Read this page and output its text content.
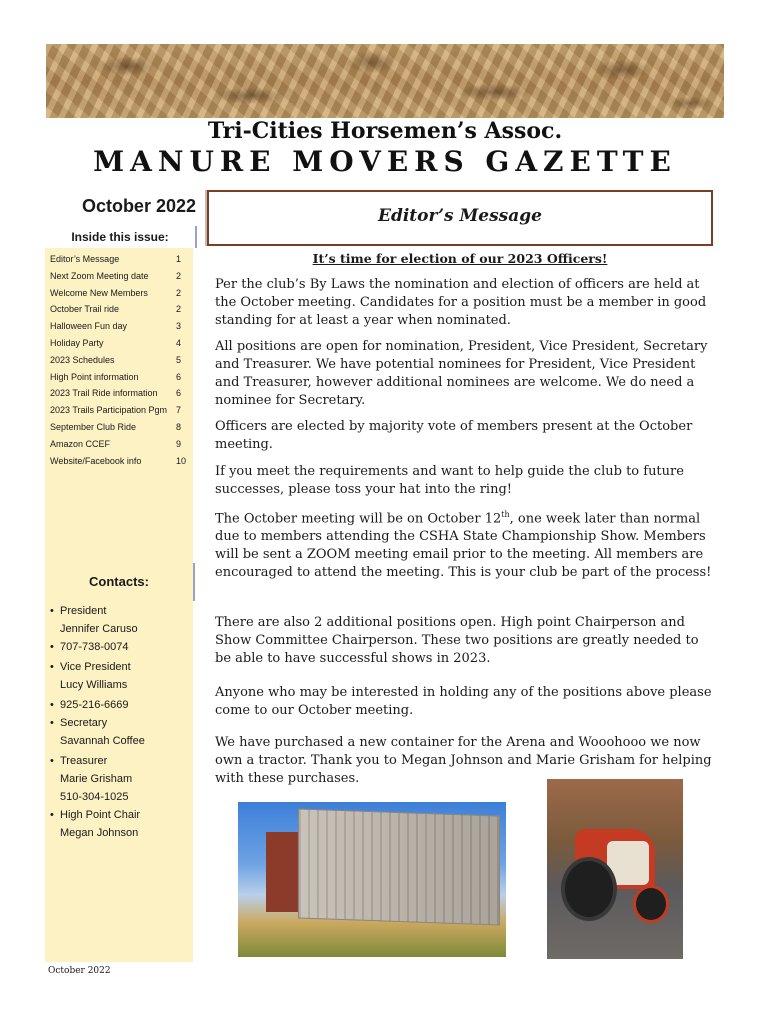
Tri-Cities Horsemen’s Assoc.
MANURE MOVERS GAZETTE
October 2022
Inside this issue:
Editor’s Message	1
Next Zoom Meeting date	2
Welcome New Members	2
October Trail ride	2
Halloween Fun day	3
Holiday Party	4
2023 Schedules	5
High Point information	6
2023 Trail Ride information 6
2023 Trails Participation Pgm 7
September Club Ride	8
Amazon CCEF	9
Website/Facebook info	10
Contacts:
• President
Jennifer Caruso
• 707-738-0074
• Vice President
Lucy Williams
• 925-216-6669
• Secretary
Savannah Coffee
• Treasurer
Marie Grisham
510-304-1025
• High Point Chair
Megan Johnson
October 2022
Editor’s Message
It’s time for election of our 2023 Officers!
Per the club’s By Laws the nomination and election of officers are held at the October meeting. Candidates for a position must be a member in good standing for at least a year when nominated.
All positions are open for nomination, President, Vice President, Secretary and Treasurer. We have potential nominees for President, Vice President and Treasurer, however additional nominees are welcome. We do need a nominee for Secretary.
Officers are elected by majority vote of members present at the October meeting.
If you meet the requirements and want to help guide the club to future successes, please toss your hat into the ring!
The October meeting will be on October 12th, one week later than normal due to members attending the CSHA State Championship Show. Members will be sent a ZOOM meeting email prior to the meeting. All members are encouraged to attend the meeting. This is your club be part of the process!
There are also 2 additional positions open. High point Chairperson and Show Committee Chairperson. These two positions are greatly needed to be able to have successful shows in 2023.
Anyone who may be interested in holding any of the positions above please come to our October meeting.
We have purchased a new container for the Arena and Wooohooo we now own a tractor. Thank you to Megan Johnson and Marie Grisham for helping with these purchases.
